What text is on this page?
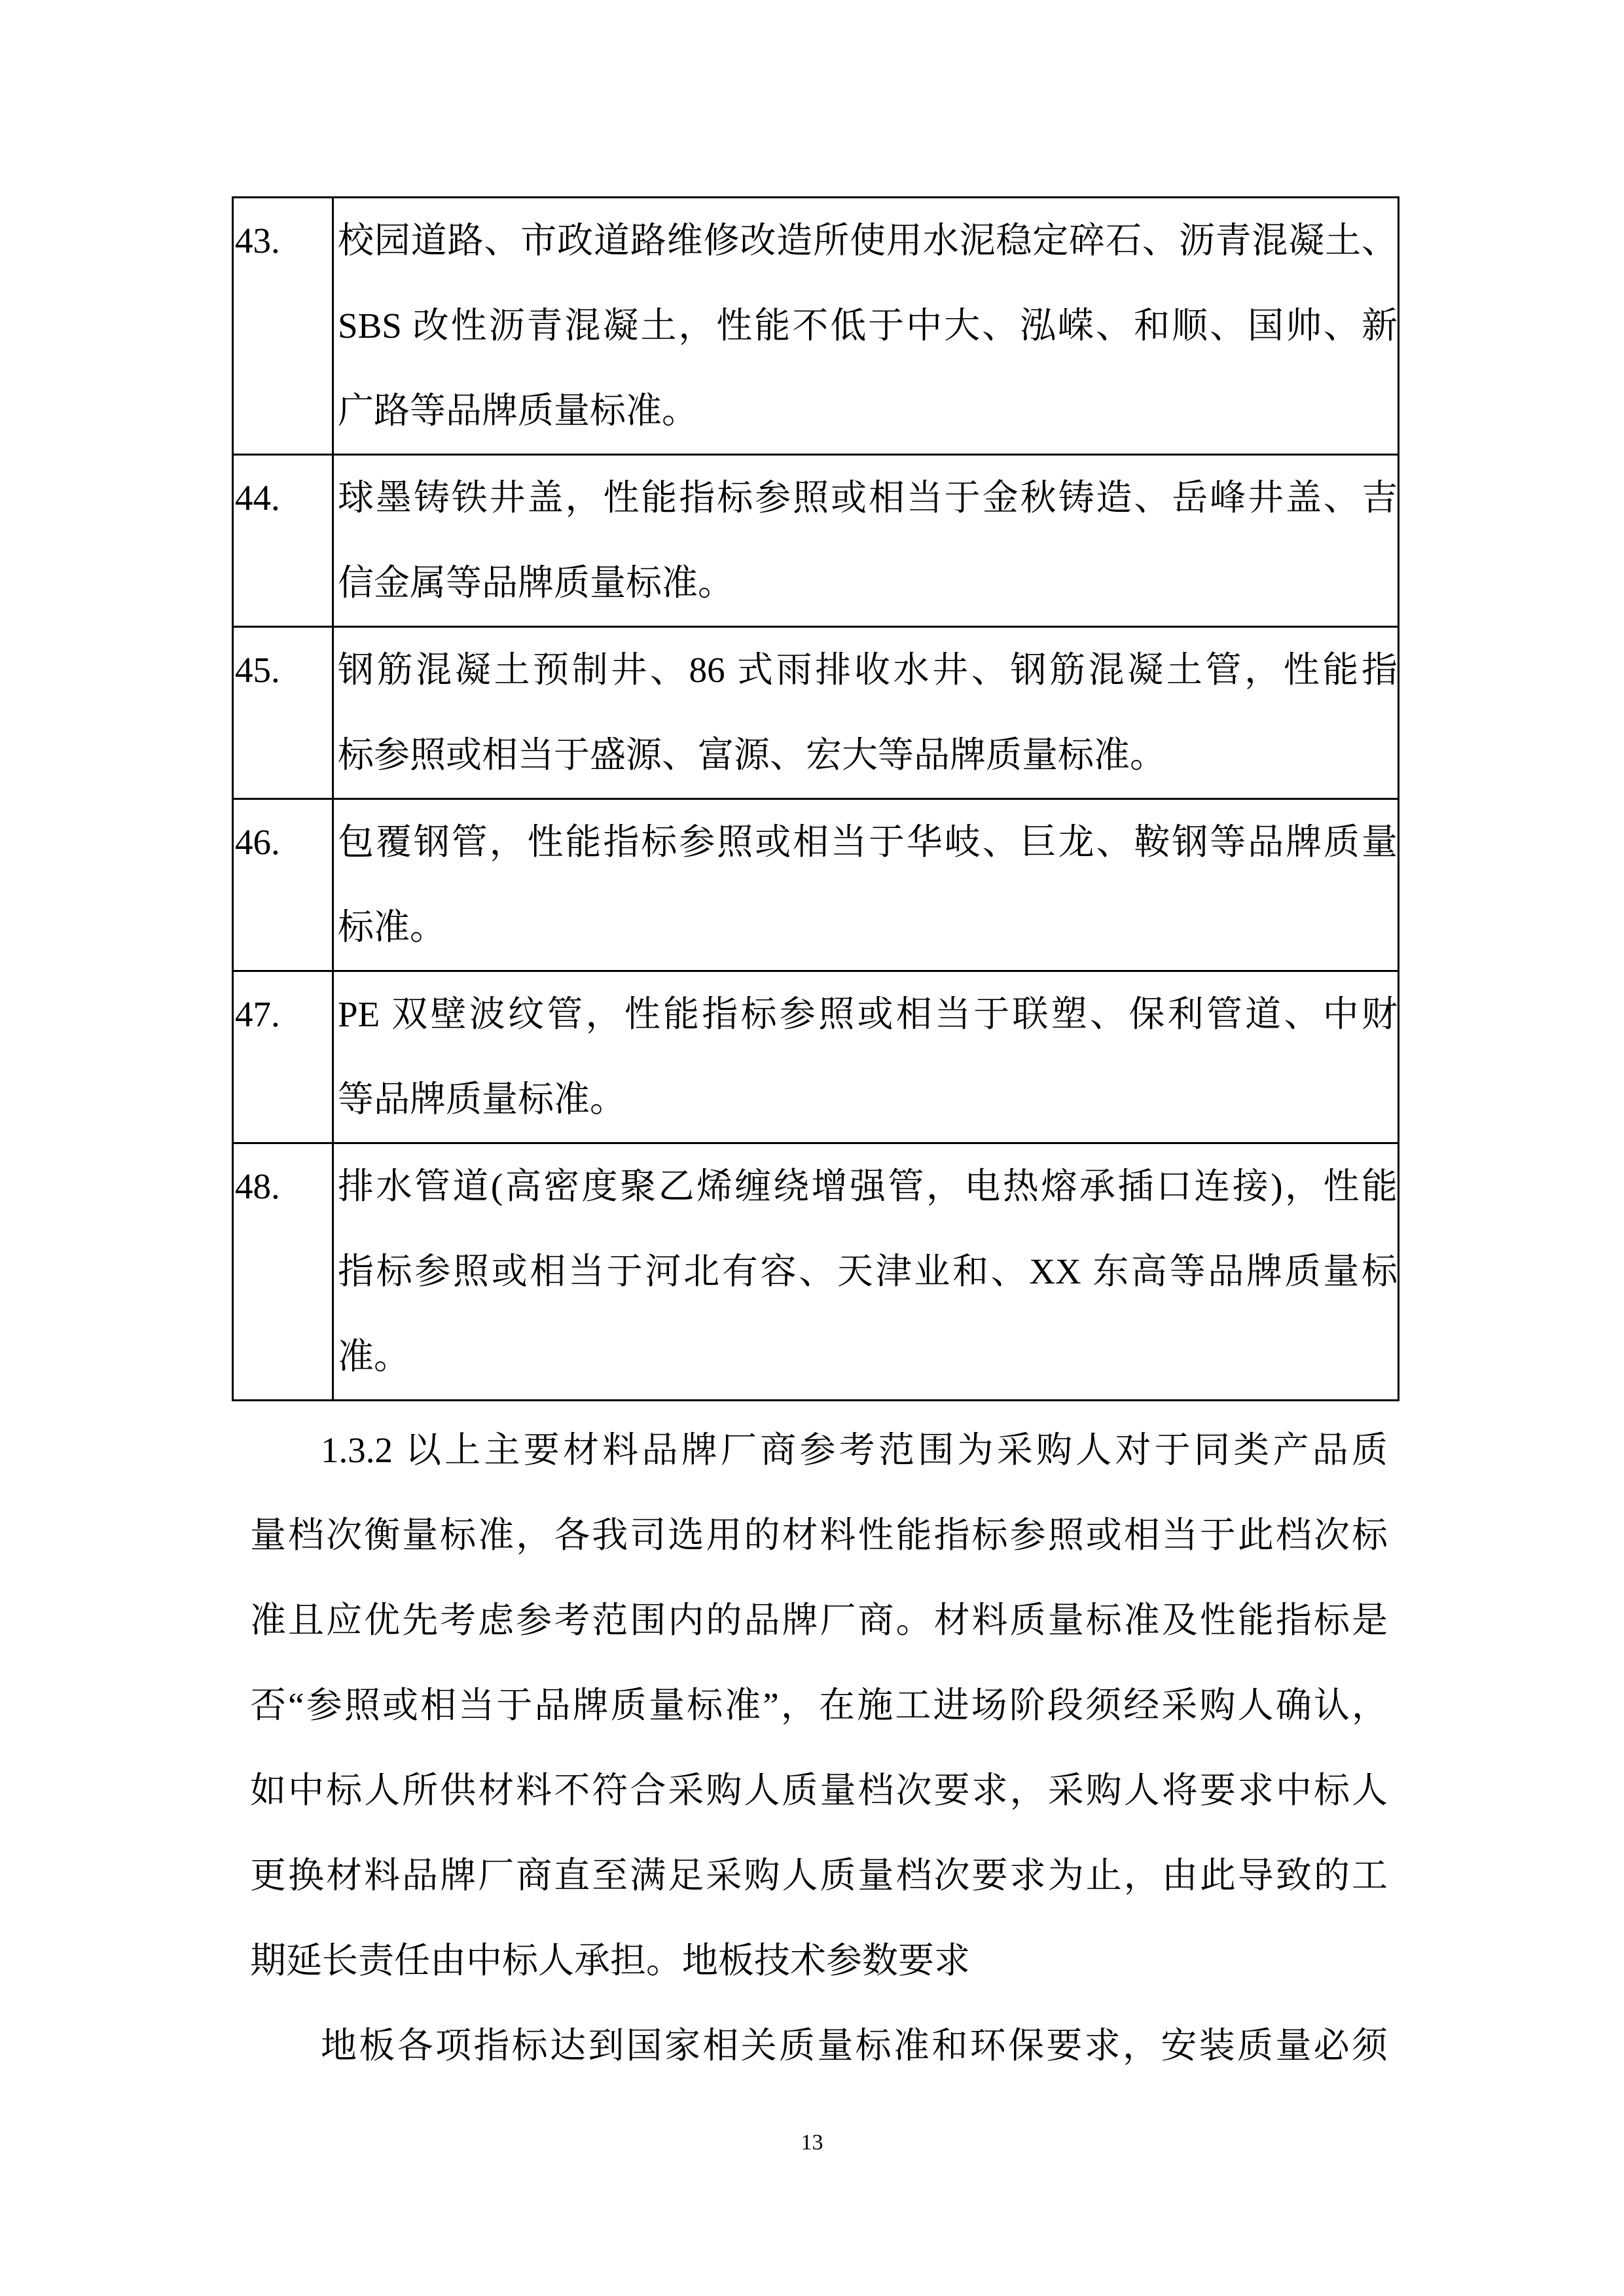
43.	校园道路、市政道路维修改造所使用水泥稳定碎石、沥青混凝土、
SBS 改性沥青混凝土，性能不低于中大、泓嵘、和顺、国帅、新
广路等品牌质量标准。

44.	球墨铸铁井盖，性能指标参照或相当于金秋铸造、岳峰井盖、吉
信金属等品牌质量标准。

45.	钢筋混凝土预制井、86 式雨排收水井、钢筋混凝土管，性能指
标参照或相当于盛源、富源、宏大等品牌质量标准。

46.	包覆钢管，性能指标参照或相当于华岐、巨龙、鞍钢等品牌质量
标准。

47.	PE 双壁波纹管，性能指标参照或相当于联塑、保利管道、中财
等品牌质量标准。

48.	排水管道(高密度聚乙烯缠绕增强管，电热熔承插口连接)，性能
指标参照或相当于河北有容、天津业和、XX 东高等品牌质量标
准。
1.3.2 以上主要材料品牌厂商参考范围为采购人对于同类产品质
量档次衡量标准，各我司选用的材料性能指标参照或相当于此档次标
准且应优先考虑参考范围内的品牌厂商。材料质量标准及性能指标是
否“参照或相当于品牌质量标准”，在施工进场阶段须经采购人确认，
如中标人所供材料不符合采购人质量档次要求，采购人将要求中标人
更换材料品牌厂商直至满足采购人质量档次要求为止，由此导致的工
期延长责任由中标人承担。地板技术参数要求
地板各项指标达到国家相关质量标准和环保要求，安装质量必须
13
